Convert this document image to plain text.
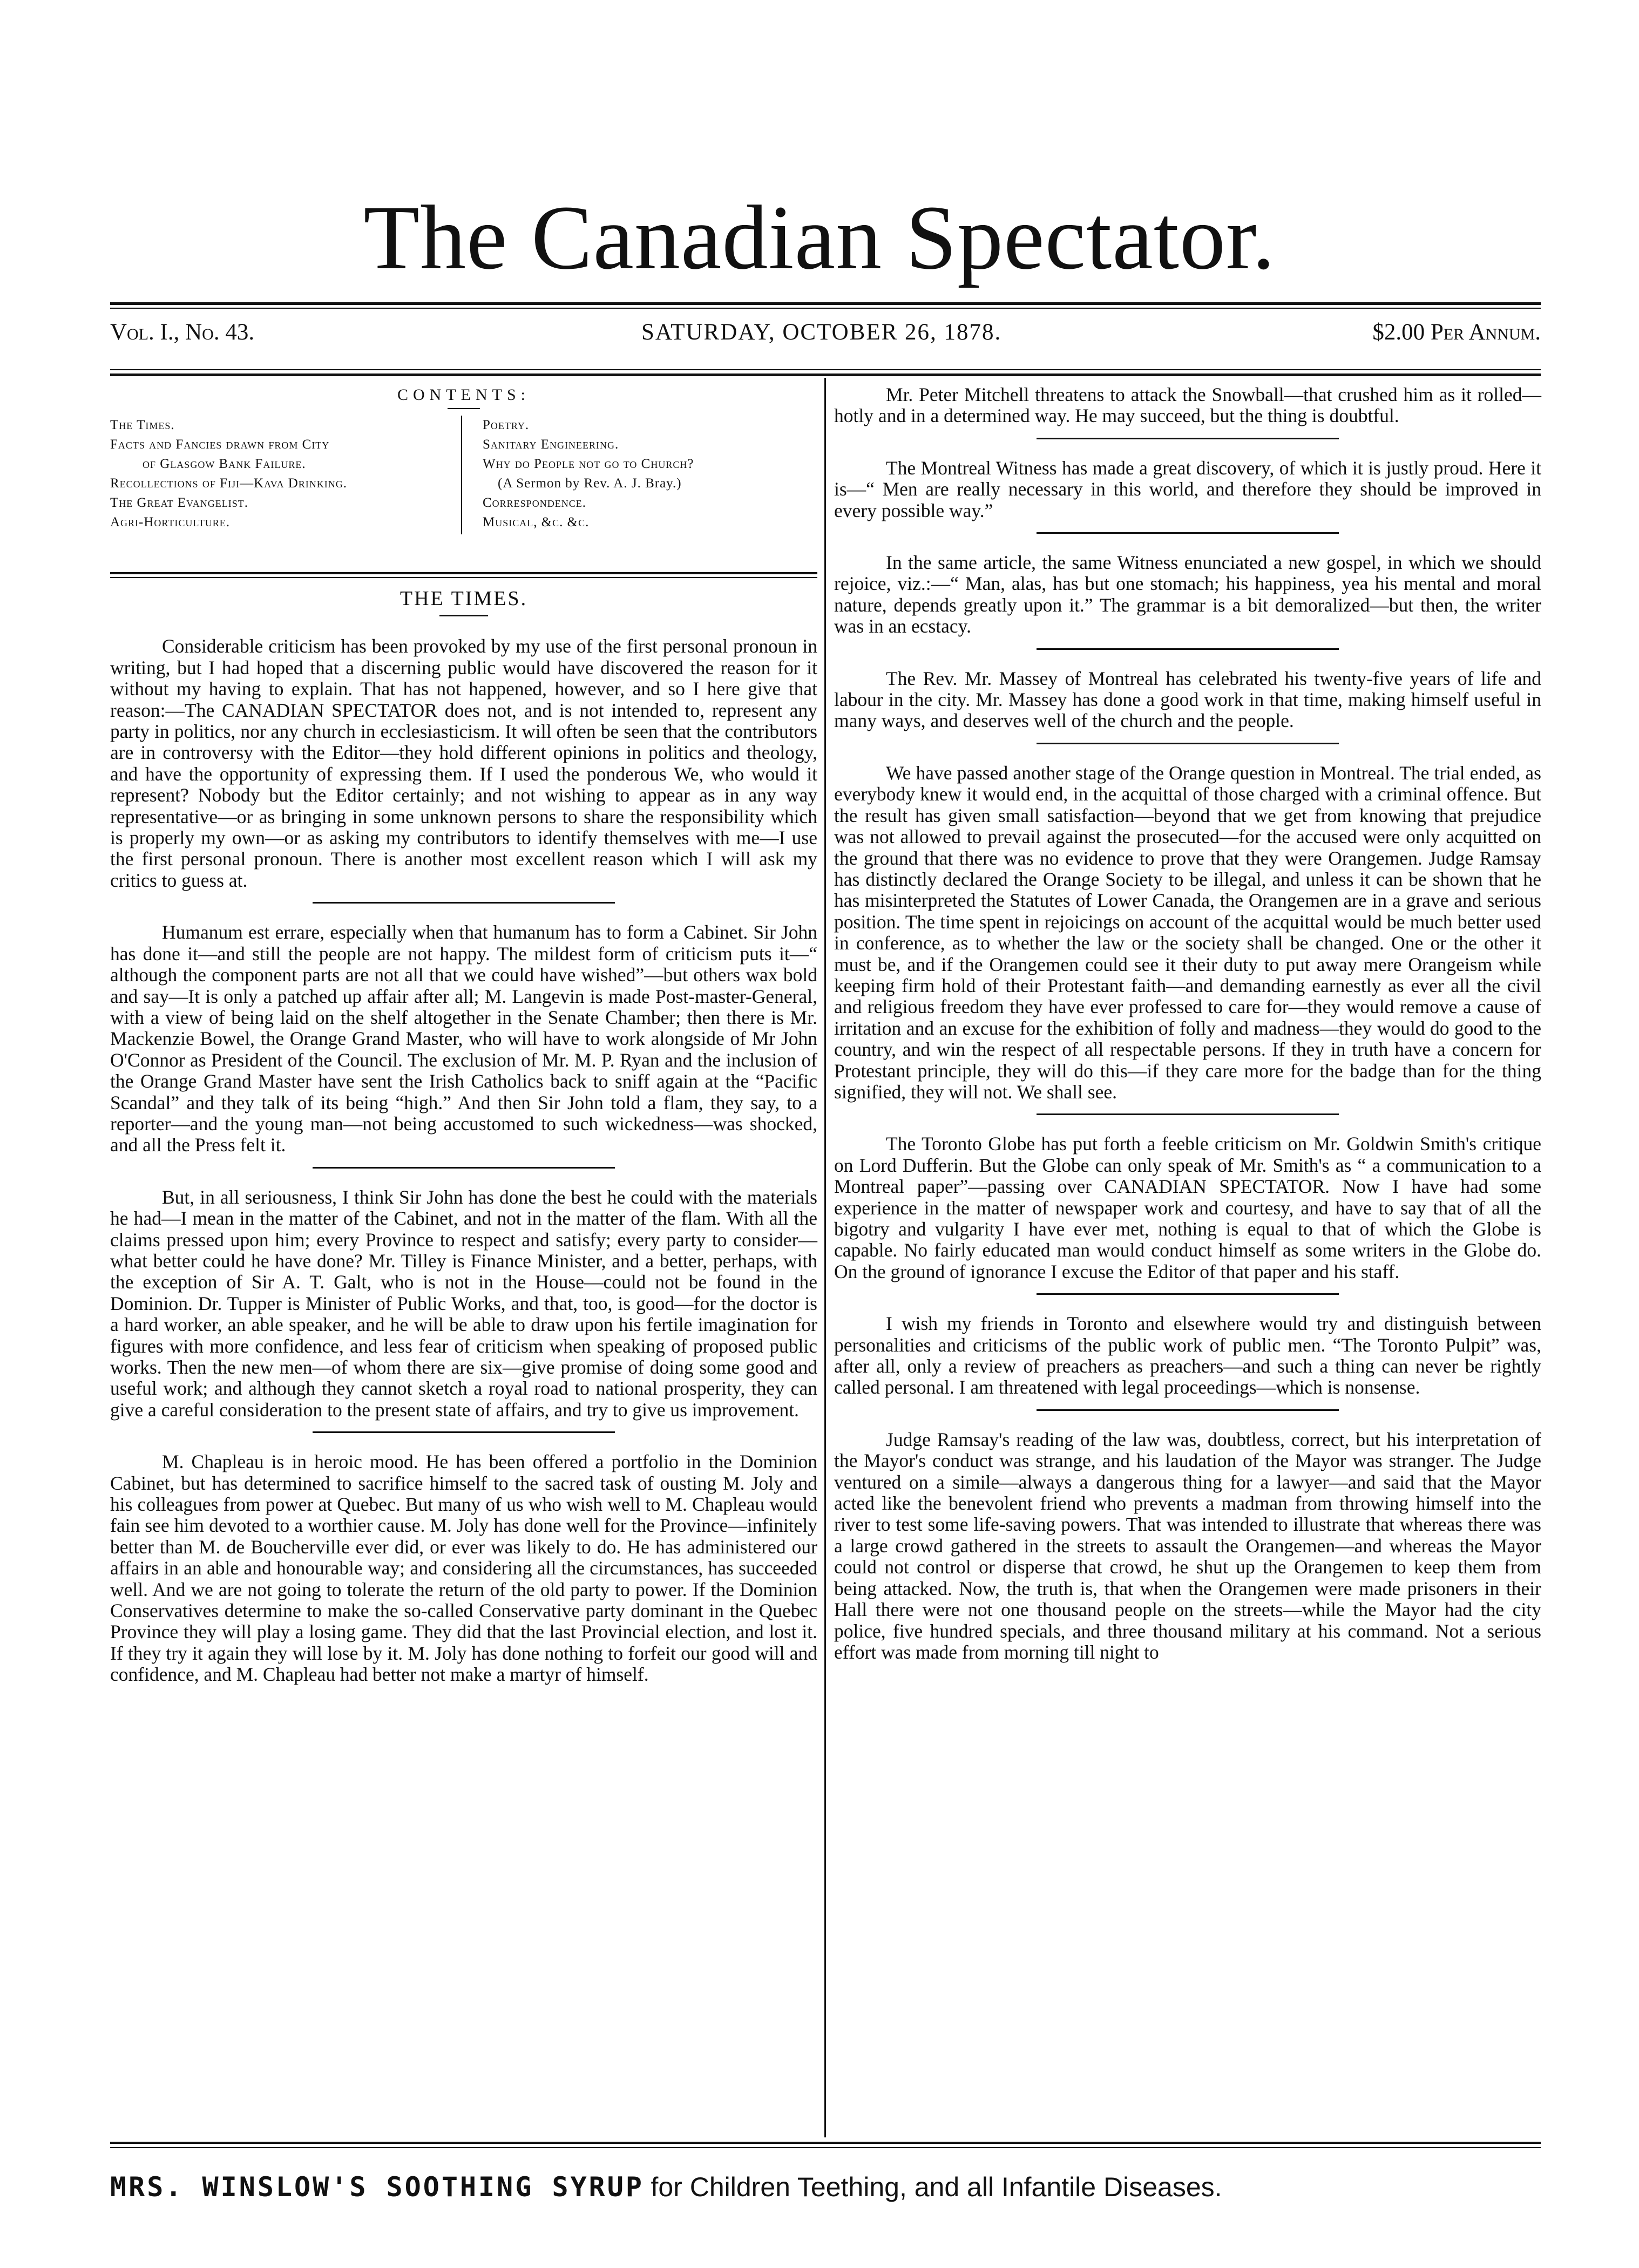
The Canadian Spectator.
Vol. I., No. 43.	SATURDAY, OCTOBER 26, 1878.	$2.00 Per Annum.
CONTENTS:
The Times.
Facts and Fancies drawn from City
of Glasgow Bank Failure.
Recollections of Fiji—Kava Drinking.
The Great Evangelist.
Agri-Horticulture.
Poetry.
Sanitary Engineering.
Why do People not go to Church?
(A Sermon by Rev. A. J. Bray.)
Correspondence.
Musical, &c. &c.
THE TIMES.

Considerable criticism has been provoked by my use of the first personal pronoun in writing, but I had hoped that a discerning public would have discovered the reason for it without my having to explain. That has not happened, however, and so I here give that reason:—The CANADIAN SPECTATOR does not, and is not intended to, represent any party in politics, nor any church in ecclesiasticism. It will often be seen that the contributors are in controversy with the Editor—they hold different opinions in politics and theology, and have the opportunity of expressing them. If I used the ponderous We, who would it represent? Nobody but the Editor certainly; and not wishing to appear as in any way representative—or as bringing in some unknown persons to share the responsibility which is properly my own—or as asking my contributors to identify themselves with me—I use the first personal pronoun. There is another most excellent reason which I will ask my critics to guess at.

Humanum est errare, especially when that humanum has to form a Cabinet. Sir John has done it—and still the people are not happy. The mildest form of criticism puts it—“ although the component parts are not all that we could have wished”—but others wax bold and say—It is only a patched up affair after all; M. Langevin is made Post-master-General, with a view of being laid on the shelf altogether in the Senate Chamber; then there is Mr. Mackenzie Bowel, the Orange Grand Master, who will have to work alongside of Mr John O'Connor as President of the Council. The exclusion of Mr. M. P. Ryan and the inclusion of the Orange Grand Master have sent the Irish Catholics back to sniff again at the “Pacific Scandal” and they talk of its being “high.” And then Sir John told a flam, they say, to a reporter—and the young man—not being accustomed to such wickedness—was shocked, and all the Press felt it.

But, in all seriousness, I think Sir John has done the best he could with the materials he had—I mean in the matter of the Cabinet, and not in the matter of the flam. With all the claims pressed upon him; every Province to respect and satisfy; every party to consider—what better could he have done? Mr. Tilley is Finance Minister, and a better, perhaps, with the exception of Sir A. T. Galt, who is not in the House—could not be found in the Dominion. Dr. Tupper is Minister of Public Works, and that, too, is good—for the doctor is a hard worker, an able speaker, and he will be able to draw upon his fertile imagination for figures with more confidence, and less fear of criticism when speaking of proposed public works. Then the new men—of whom there are six—give promise of doing some good and useful work; and although they cannot sketch a royal road to national prosperity, they can give a careful consideration to the present state of affairs, and try to give us improvement.

M. Chapleau is in heroic mood. He has been offered a portfolio in the Dominion Cabinet, but has determined to sacrifice himself to the sacred task of ousting M. Joly and his colleagues from power at Quebec. But many of us who wish well to M. Chapleau would fain see him devoted to a worthier cause. M. Joly has done well for the Province—infinitely better than M. de Boucherville ever did, or ever was likely to do. He has administered our affairs in an able and honourable way; and considering all the circumstances, has succeeded well. And we are not going to tolerate the return of the old party to power. If the Dominion Conservatives determine to make the so-called Conservative party dominant in the Quebec Province they will play a losing game. They did that the last Provincial election, and lost it. If they try it again they will lose by it. M. Joly has done nothing to forfeit our good will and confidence, and M. Chapleau had better not make a martyr of himself.

Mr. Peter Mitchell threatens to attack the Snowball—that crushed him as it rolled—hotly and in a determined way. He may succeed, but the thing is doubtful.

The Montreal Witness has made a great discovery, of which it is justly proud. Here it is—“ Men are really necessary in this world, and therefore they should be improved in every possible way.”

In the same article, the same Witness enunciated a new gospel, in which we should rejoice, viz.:—“ Man, alas, has but one stomach; his happiness, yea his mental and moral nature, depends greatly upon it.” The grammar is a bit demoralized—but then, the writer was in an ecstacy.

The Rev. Mr. Massey of Montreal has celebrated his twenty-five years of life and labour in the city. Mr. Massey has done a good work in that time, making himself useful in many ways, and deserves well of the church and the people.

We have passed another stage of the Orange question in Montreal. The trial ended, as everybody knew it would end, in the acquittal of those charged with a criminal offence. But the result has given small satisfaction—beyond that we get from knowing that prejudice was not allowed to prevail against the prosecuted—for the accused were only acquitted on the ground that there was no evidence to prove that they were Orangemen. Judge Ramsay has distinctly declared the Orange Society to be illegal, and unless it can be shown that he has misinterpreted the Statutes of Lower Canada, the Orangemen are in a grave and serious position. The time spent in rejoicings on account of the acquittal would be much better used in conference, as to whether the law or the society shall be changed. One or the other it must be, and if the Orangemen could see it their duty to put away mere Orangeism while keeping firm hold of their Protestant faith—and demanding earnestly as ever all the civil and religious freedom they have ever professed to care for—they would remove a cause of irritation and an excuse for the exhibition of folly and madness—they would do good to the country, and win the respect of all respectable persons. If they in truth have a concern for Protestant principle, they will do this—if they care more for the badge than for the thing signified, they will not. We shall see.

The Toronto Globe has put forth a feeble criticism on Mr. Goldwin Smith's critique on Lord Dufferin. But the Globe can only speak of Mr. Smith's as “ a communication to a Montreal paper”—passing over CANADIAN SPECTATOR. Now I have had some experience in the matter of newspaper work and courtesy, and have to say that of all the bigotry and vulgarity I have ever met, nothing is equal to that of which the Globe is capable. No fairly educated man would conduct himself as some writers in the Globe do. On the ground of ignorance I excuse the Editor of that paper and his staff.

I wish my friends in Toronto and elsewhere would try and distinguish between personalities and criticisms of the public work of public men. “The Toronto Pulpit” was, after all, only a review of preachers as preachers—and such a thing can never be rightly called personal. I am threatened with legal proceedings—which is nonsense.

Judge Ramsay's reading of the law was, doubtless, correct, but his interpretation of the Mayor's conduct was strange, and his laudation of the Mayor was stranger. The Judge ventured on a simile—always a dangerous thing for a lawyer—and said that the Mayor acted like the benevolent friend who prevents a madman from throwing himself into the river to test some life-saving powers. That was intended to illustrate that whereas there was a large crowd gathered in the streets to assault the Orangemen—and whereas the Mayor could not control or disperse that crowd, he shut up the Orangemen to keep them from being attacked. Now, the truth is, that when the Orangemen were made prisoners in their Hall there were not one thousand people on the streets—while the Mayor had the city police, five hundred specials, and three thousand military at his command. Not a serious effort was made from morning till night to

MRS. WINSLOW'S SOOTHING SYRUP for Children Teething, and all Infantile Diseases.
